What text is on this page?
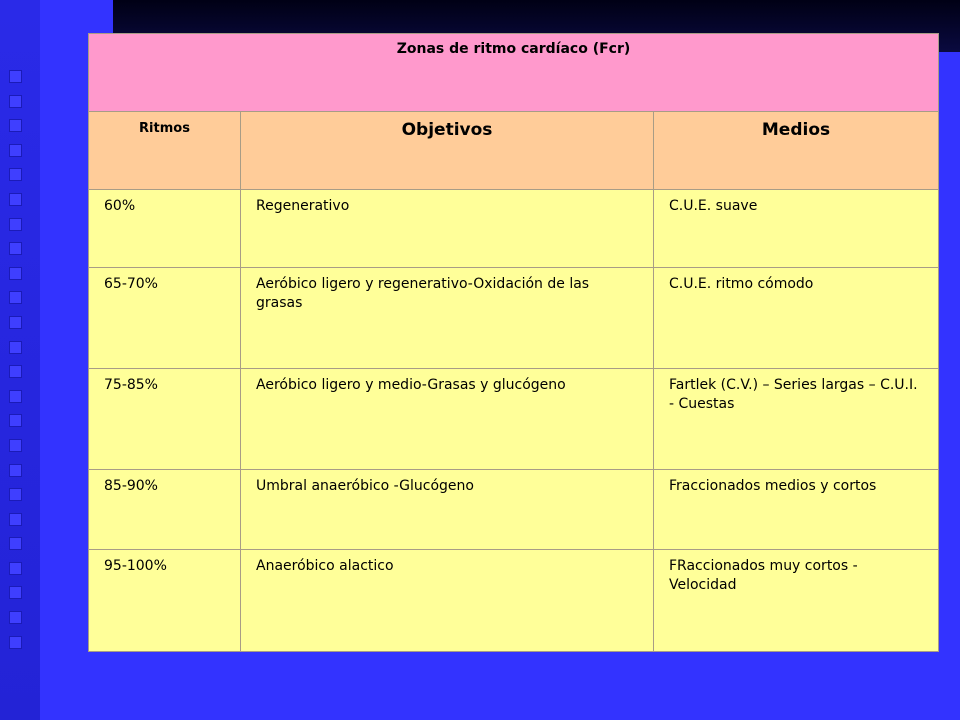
Zonas de ritmo cardíaco (Fcr)		

Ritmos	Objetivos	Medios

60%	Regenerativo	C.U.E. suave

65-70%	Aeróbico ligero y regenerativo-Oxidación de las grasas	C.U.E. ritmo cómodo

75-85%	Aeróbico ligero y medio-Grasas y glucógeno	Fartlek (C.V.) – Series largas – C.U.I. - Cuestas

85-90%	Umbral anaeróbico -Glucógeno	Fraccionados medios y cortos

95-100%	Anaeróbico alactico	FRaccionados muy cortos - Velocidad
